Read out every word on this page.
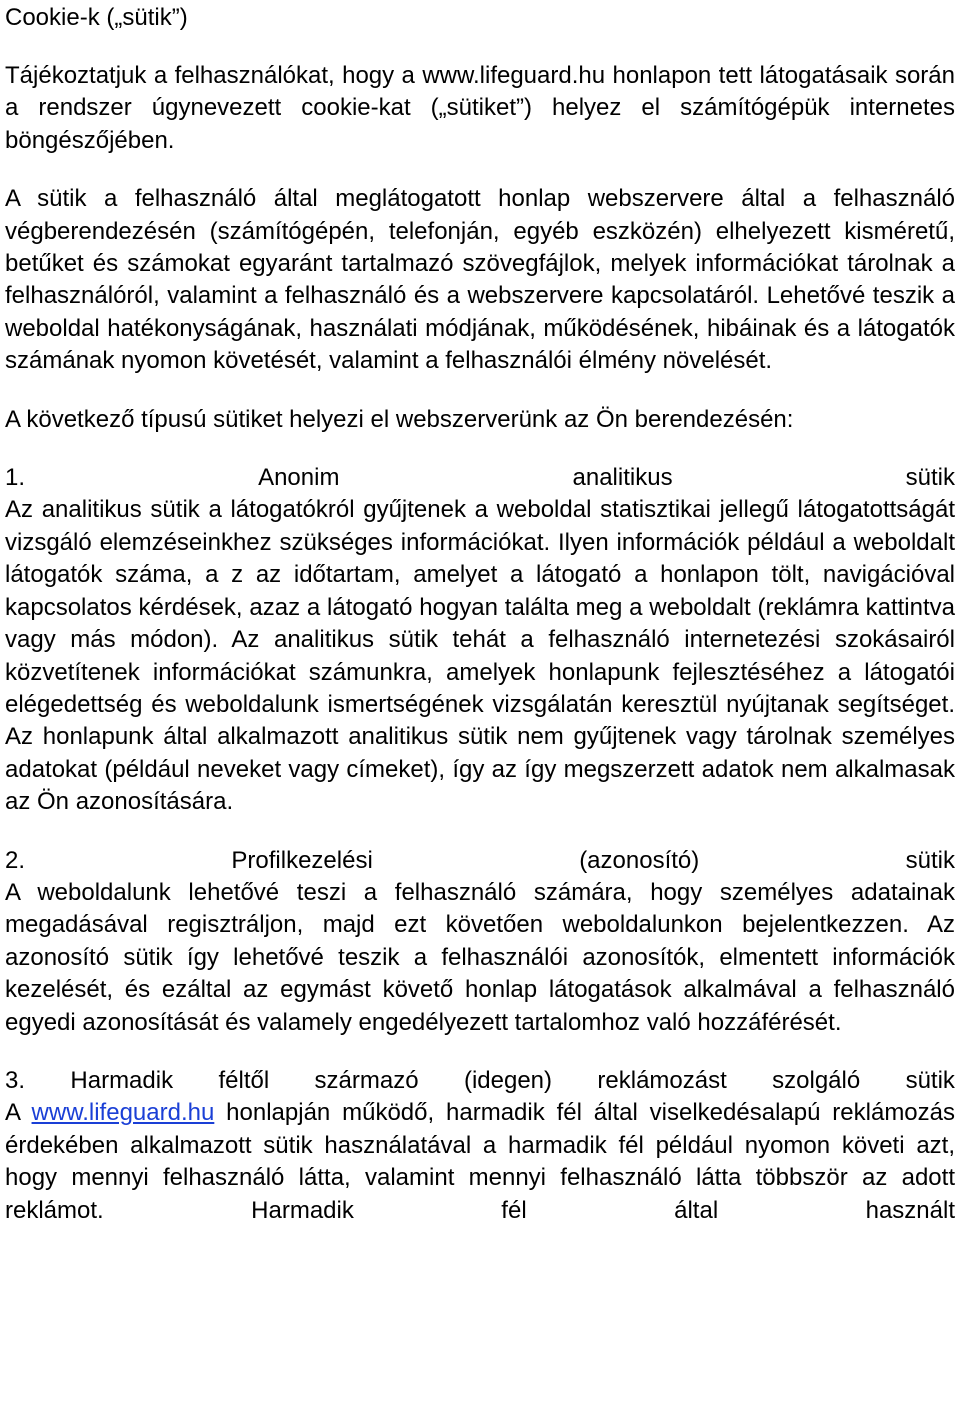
Cookie-k („sütik”)

Tájékoztatjuk a felhasználókat, hogy a www.lifeguard.hu honlapon tett látogatásaik során a rendszer úgynevezett cookie-kat („sütiket”) helyez el számítógépük internetes böngészőjében.

A sütik a felhasználó által meglátogatott honlap webszervere által a felhasználó végberendezésén (számítógépén, telefonján, egyéb eszközén) elhelyezett kisméretű, betűket és számokat egyaránt tartalmazó szövegfájlok, melyek információkat tárolnak a felhasználóról, valamint a felhasználó és a webszervere kapcsolatáról. Lehetővé teszik a weboldal hatékonyságának, használati módjának, működésének, hibáinak és a látogatók számának nyomon követését, valamint a felhasználói élmény növelését.

A következő típusú sütiket helyezi el webszerverünk az Ön berendezésén:

1.	Anonim	analitikus	sütik

Az analitikus sütik a látogatókról gyűjtenek a weboldal statisztikai jellegű látogatottságát vizsgáló elemzéseinkhez szükséges információkat. Ilyen információk például a weboldalt látogatók száma, a z az időtartam, amelyet a látogató a honlapon tölt, navigációval kapcsolatos kérdések, azaz a látogató hogyan találta meg a weboldalt (reklámra kattintva vagy más módon). Az analitikus sütik tehát a felhasználó internetezési szokásairól közvetítenek információkat számunkra, amelyek honlapunk fejlesztéséhez a látogatói elégedettség és weboldalunk ismertségének vizsgálatán keresztül nyújtanak segítséget. Az honlapunk által alkalmazott analitikus sütik nem gyűjtenek vagy tárolnak személyes adatokat (például neveket vagy címeket), így az így megszerzett adatok nem alkalmasak az Ön azonosítására.

2.	Profilkezelési	(azonosító)	sütik

A weboldalunk lehetővé teszi a felhasználó számára, hogy személyes adatainak megadásával regisztráljon, majd ezt követően weboldalunkon bejelentkezzen. Az azonosító sütik így lehetővé teszik a felhasználói azonosítók, elmentett információk kezelését, és ezáltal az egymást követő honlap látogatások alkalmával a felhasználó egyedi azonosítását és valamely engedélyezett tartalomhoz való hozzáférését.

3. Harmadik féltől származó (idegen) reklámozást szolgáló sütik

A www.lifeguard.hu honlapján működő, harmadik fél által viselkedésalapú reklámozás érdekében alkalmazott sütik használatával a harmadik fél például nyomon követi azt, hogy mennyi felhasználó látta, valamint mennyi felhasználó látta többször az adott reklámot. Harmadik fél által használt
